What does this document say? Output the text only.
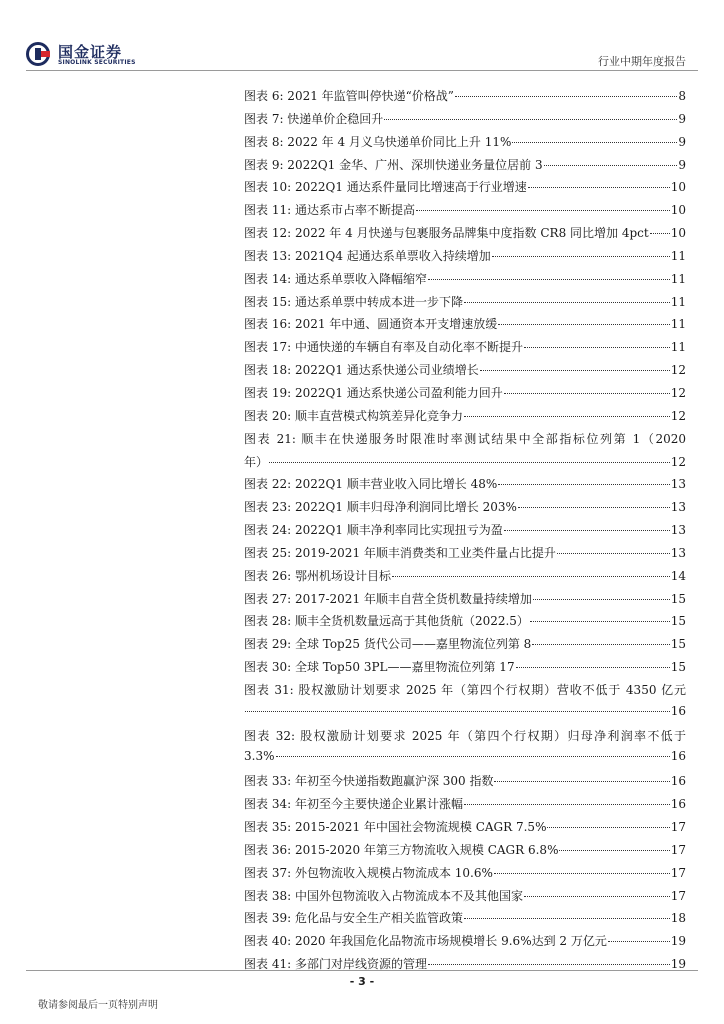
国金证券
SINOLINK SECURITIES	行业中期年度报告
图表 6: 2021 年监管叫停快递“价格战”	8
图表 7: 快递单价企稳回升	9
图表 8: 2022 年 4 月义乌快递单价同比上升 11%	9
图表 9: 2022Q1 金华、广州、深圳快递业务量位居前 3	9
图表 10: 2022Q1 通达系件量同比增速高于行业增速	10
图表 11: 通达系市占率不断提高	10
图表 12: 2022 年 4 月快递与包裹服务品牌集中度指数 CR8 同比增加 4pct 10
图表 13: 2021Q4 起通达系单票收入持续增加	11
图表 14: 通达系单票收入降幅缩窄	11
图表 15: 通达系单票中转成本进一步下降	11
图表 16: 2021 年中通、圆通资本开支增速放缓	11
图表 17: 中通快递的车辆自有率及自动化率不断提升	11
图表 18: 2022Q1 通达系快递公司业绩增长	12
图表 19: 2022Q1 通达系快递公司盈利能力回升	12
图表 20: 顺丰直营模式构筑差异化竞争力	12
图表 21: 顺丰在快递服务时限准时率测试结果中全部指标位列第 1（2020
年）	12
图表 22: 2022Q1 顺丰营业收入同比增长 48%	13
图表 23: 2022Q1 顺丰归母净利润同比增长 203%	13
图表 24: 2022Q1 顺丰净利率同比实现扭亏为盈	13
图表 25: 2019-2021 年顺丰消费类和工业类件量占比提升	13
图表 26: 鄂州机场设计目标	14
图表 27: 2017-2021 年顺丰自营全货机数量持续增加	15
图表 28: 顺丰全货机数量远高于其他货航（2022.5）	15
图表 29: 全球 Top25 货代公司——嘉里物流位列第 8	15
图表 30: 全球 Top50 3PL——嘉里物流位列第 17	15
图表 31: 股权激励计划要求 2025 年（第四个行权期）营收不低于 4350 亿元
16
图表 32: 股权激励计划要求 2025 年（第四个行权期）归母净利润率不低于
3.3%	16
图表 33: 年初至今快递指数跑赢沪深 300 指数	16
图表 34: 年初至今主要快递企业累计涨幅	16
图表 35: 2015-2021 年中国社会物流规模 CAGR 7.5%	17
图表 36: 2015-2020 年第三方物流收入规模 CAGR 6.8%	17
图表 37: 外包物流收入规模占物流成本 10.6%	17
图表 38: 中国外包物流收入占物流成本不及其他国家	17
图表 39: 危化品与安全生产相关监管政策	18
图表 40: 2020 年我国危化品物流市场规模增长 9.6%达到 2 万亿元	19
图表 41: 多部门对岸线资源的管理	19
- 3 -
敬请参阅最后一页特别声明
